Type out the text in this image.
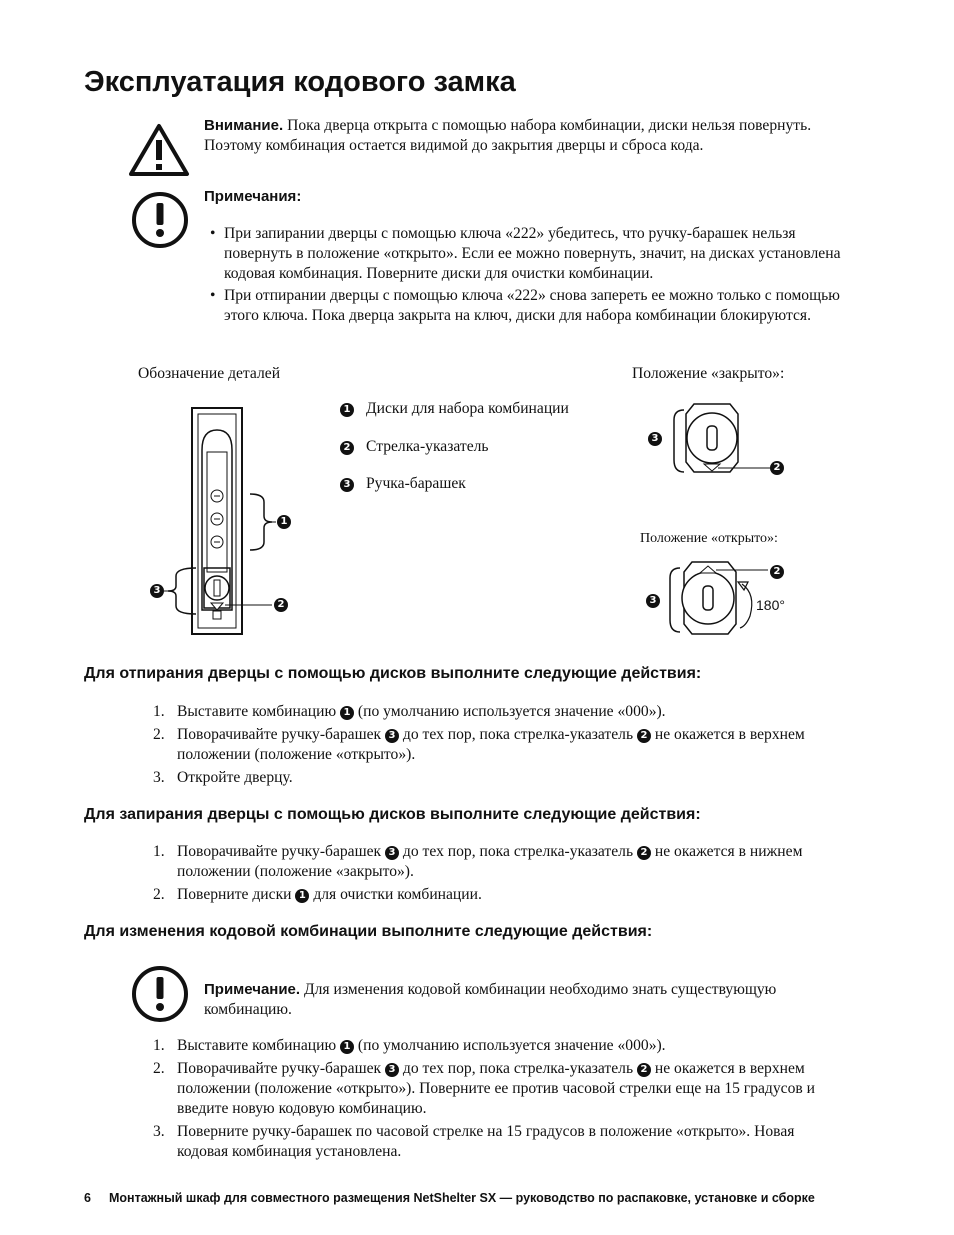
Эксплуатация кодового замка
Внимание. Пока дверца открыта с помощью набора комбинации, диски нельзя повернуть. Поэтому комбинация остается видимой до закрытия дверцы и сброса кода.
Примечания:
• При запирании дверцы с помощью ключа «222» убедитесь, что ручку-барашек нельзя повернуть в положение «открыто». Если ее можно повернуть, значит, на дисках установлена кодовая комбинация. Поверните диски для очистки комбинации.
• При отпирании дверцы с помощью ключа «222» снова запереть ее можно только с помощью этого ключа. Пока дверца закрыта на ключ, диски для набора комбинации блокируются.
Обозначение деталей	Положение «закрыто»:
Положение «открыто»:
1
2
3
1 Диски для набора комбинации
2 Стрелка-указатель
3 Ручка-барашек
3
2
2
3	180°
Для отпирания дверцы с помощью дисков выполните следующие действия:
1. Выставите комбинацию 1 (по умолчанию используется значение «000»).
2. Поворачивайте ручку-барашек 3 до тех пор, пока стрелка-указатель 2 не окажется в верхнем положении (положение «открыто»).
3. Откройте дверцу.
Для запирания дверцы с помощью дисков выполните следующие действия:
1. Поворачивайте ручку-барашек 3 до тех пор, пока стрелка-указатель 2 не окажется в нижнем положении (положение «закрыто»).
2. Поверните диски 1 для очистки комбинации.
Для изменения кодовой комбинации выполните следующие действия:
Примечание. Для изменения кодовой комбинации необходимо знать существующую комбинацию.
1. Выставите комбинацию 1 (по умолчанию используется значение «000»).
2. Поворачивайте ручку-барашек 3 до тех пор, пока стрелка-указатель 2 не окажется в верхнем положении (положение «открыто»). Поверните ее против часовой стрелки еще на 15 градусов и введите новую кодовую комбинацию.
3. Поверните ручку-барашек по часовой стрелке на 15 градусов в положение «открыто». Новая кодовая комбинация установлена.
6 Монтажный шкаф для совместного размещения NetShelter SX — руководство по распаковке, установке и сборке
